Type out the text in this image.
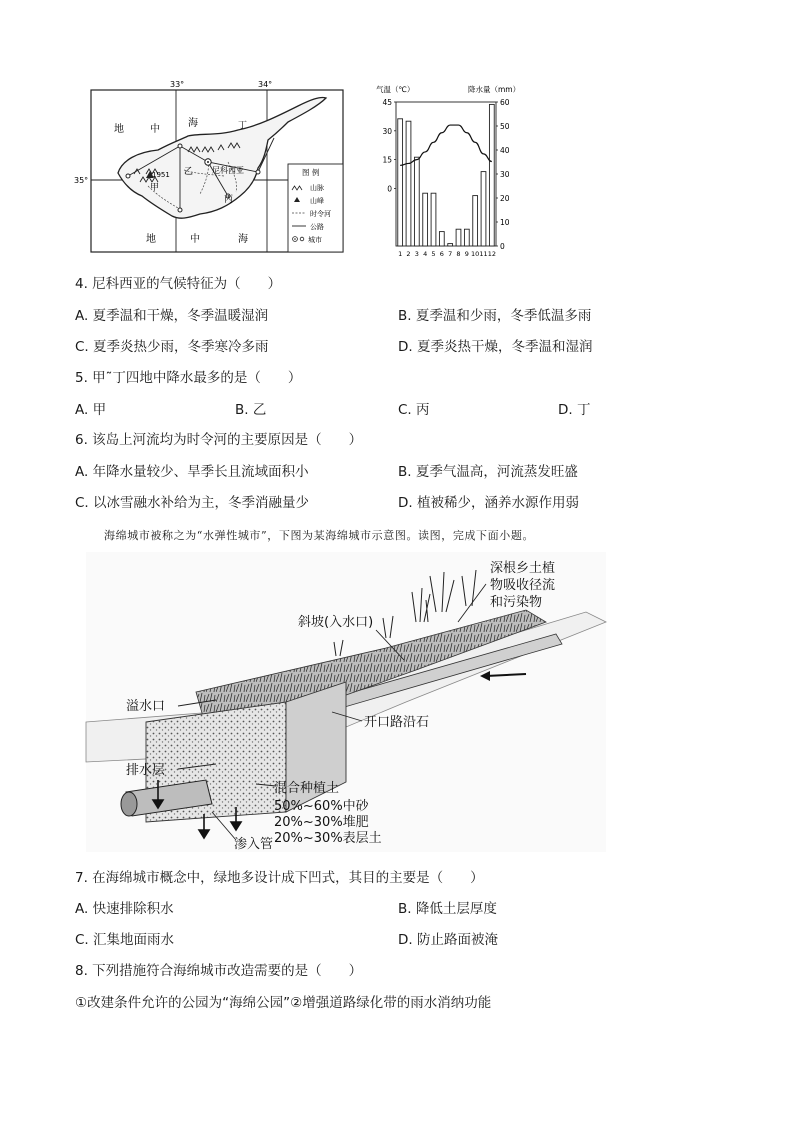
33°	34°
35°
1951	尼科西亚
乙
甲
丙
丁
地	中
海
地	中	海
图 例
山脉
山峰
时令河
公路
城市
气温（℃）	降水量（mm）
45
30
15
0
60
50
40
30
20
10
0
1 2 3 4 5 6 7 8 9 10 11 12
4. 尼科西亚的气候特征为（　　）
A. 夏季温和干燥，冬季温暖湿润	B. 夏季温和少雨，冬季低温多雨
C. 夏季炎热少雨，冬季寒冷多雨	D. 夏季炎热干燥，冬季温和湿润
5. 甲˜丁四地中降水最多的是（　　）
A. 甲	B. 乙	C. 丙	D. 丁
6. 该岛上河流均为时令河的主要原因是（　　）
A. 年降水量较少、旱季长且流域面积小	B. 夏季气温高，河流蒸发旺盛
C. 以冰雪融水补给为主，冬季消融量少	D. 植被稀少，涵养水源作用弱
海绵城市被称之为“水弹性城市”，下图为某海绵城市示意图。读图，完成下面小题。
深根乡土植
物吸收径流
和污染物
斜坡(入水口)
溢水口
开口路沿石
排水层
混合种植土
50%~60%中砂
20%~30%堆肥
20%~30%表层土
渗入管
7. 在海绵城市概念中，绿地多设计成下凹式，其目的主要是（　　）
A. 快速排除积水	B. 降低土层厚度
C. 汇集地面雨水	D. 防止路面被淹
8. 下列措施符合海绵城市改造需要的是（　　）
①改建条件允许的公园为“海绵公园”②增强道路绿化带的雨水消纳功能
